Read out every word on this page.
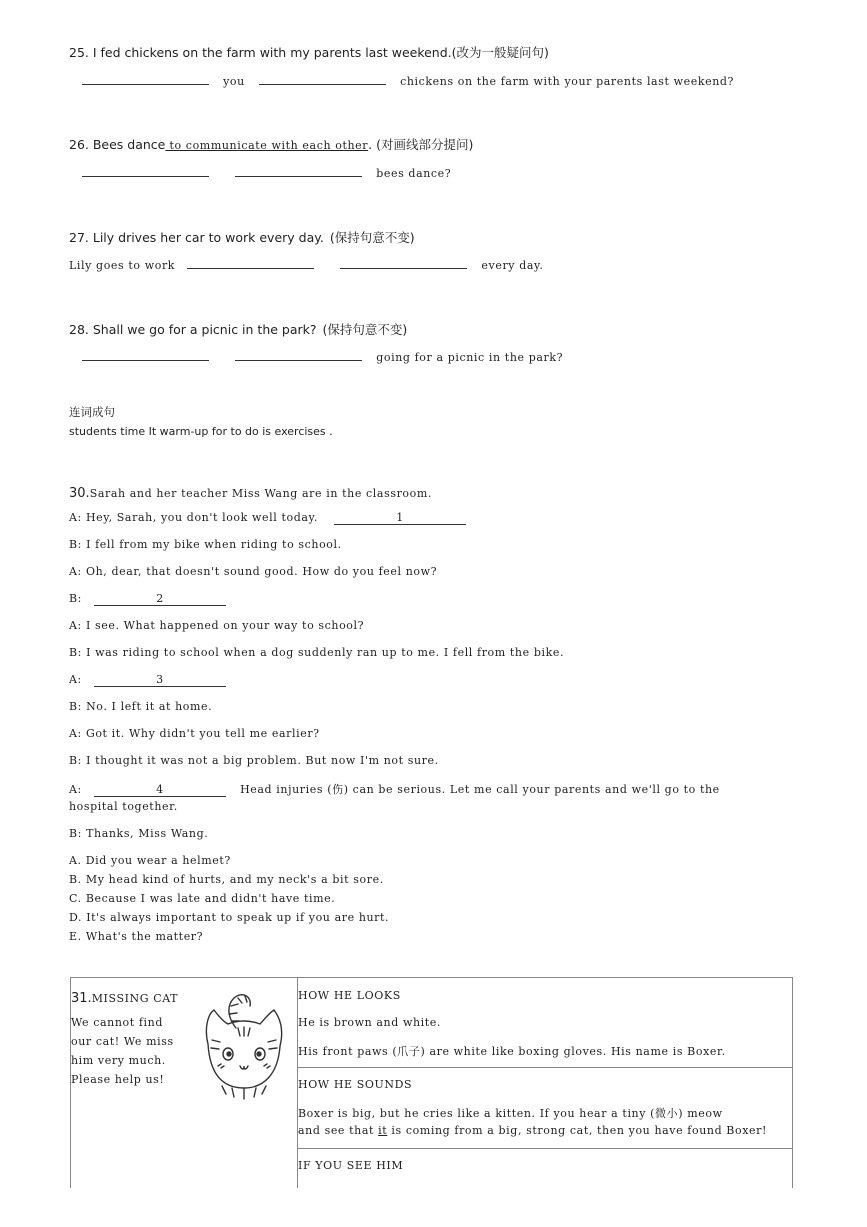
25. I fed chickens on the farm with my parents last weekend.(改为一般疑问句)
you	chickens on the farm with your parents last weekend?
26. Bees dance to communicate with each other. (对画线部分提问)
bees dance?
27. Lily drives her car to work every day. (保持句意不变)
Lily goes to work	every day.
28. Shall we go for a picnic in the park? (保持句意不变)
going for a picnic in the park?
连词成句
students time It warm-up for to do is exercises .
30.Sarah and her teacher Miss Wang are in the classroom.
A: Hey, Sarah, you don't look well today.	1
B: I fell from my bike when riding to school.
A: Oh, dear, that doesn't sound good. How do you feel now?
B:	2
A: I see. What happened on your way to school?
B: I was riding to school when a dog suddenly ran up to me. I fell from the bike.
A:	3
B: No. I left it at home.
A: Got it. Why didn't you tell me earlier?
B: I thought it was not a big problem. But now I'm not sure.
A:	4	Head injuries (伤) can be serious. Let me call your parents and we'll go to the
hospital together.
B: Thanks, Miss Wang.
A. Did you wear a helmet?
B. My head kind of hurts, and my neck's a bit sore.
C. Because I was late and didn't have time.
D. It's always important to speak up if you are hurt.
E. What's the matter?
31.MISSING CAT
We cannot find
our cat! We miss
him very much.
Please help us!
HOW HE LOOKS
He is brown and white.
His front paws (爪子) are white like boxing gloves. His name is Boxer.
HOW HE SOUNDS
Boxer is big, but he cries like a kitten. If you hear a tiny (微小) meow
and see that it is coming from a big, strong cat, then you have found Boxer!
IF YOU SEE HIM
